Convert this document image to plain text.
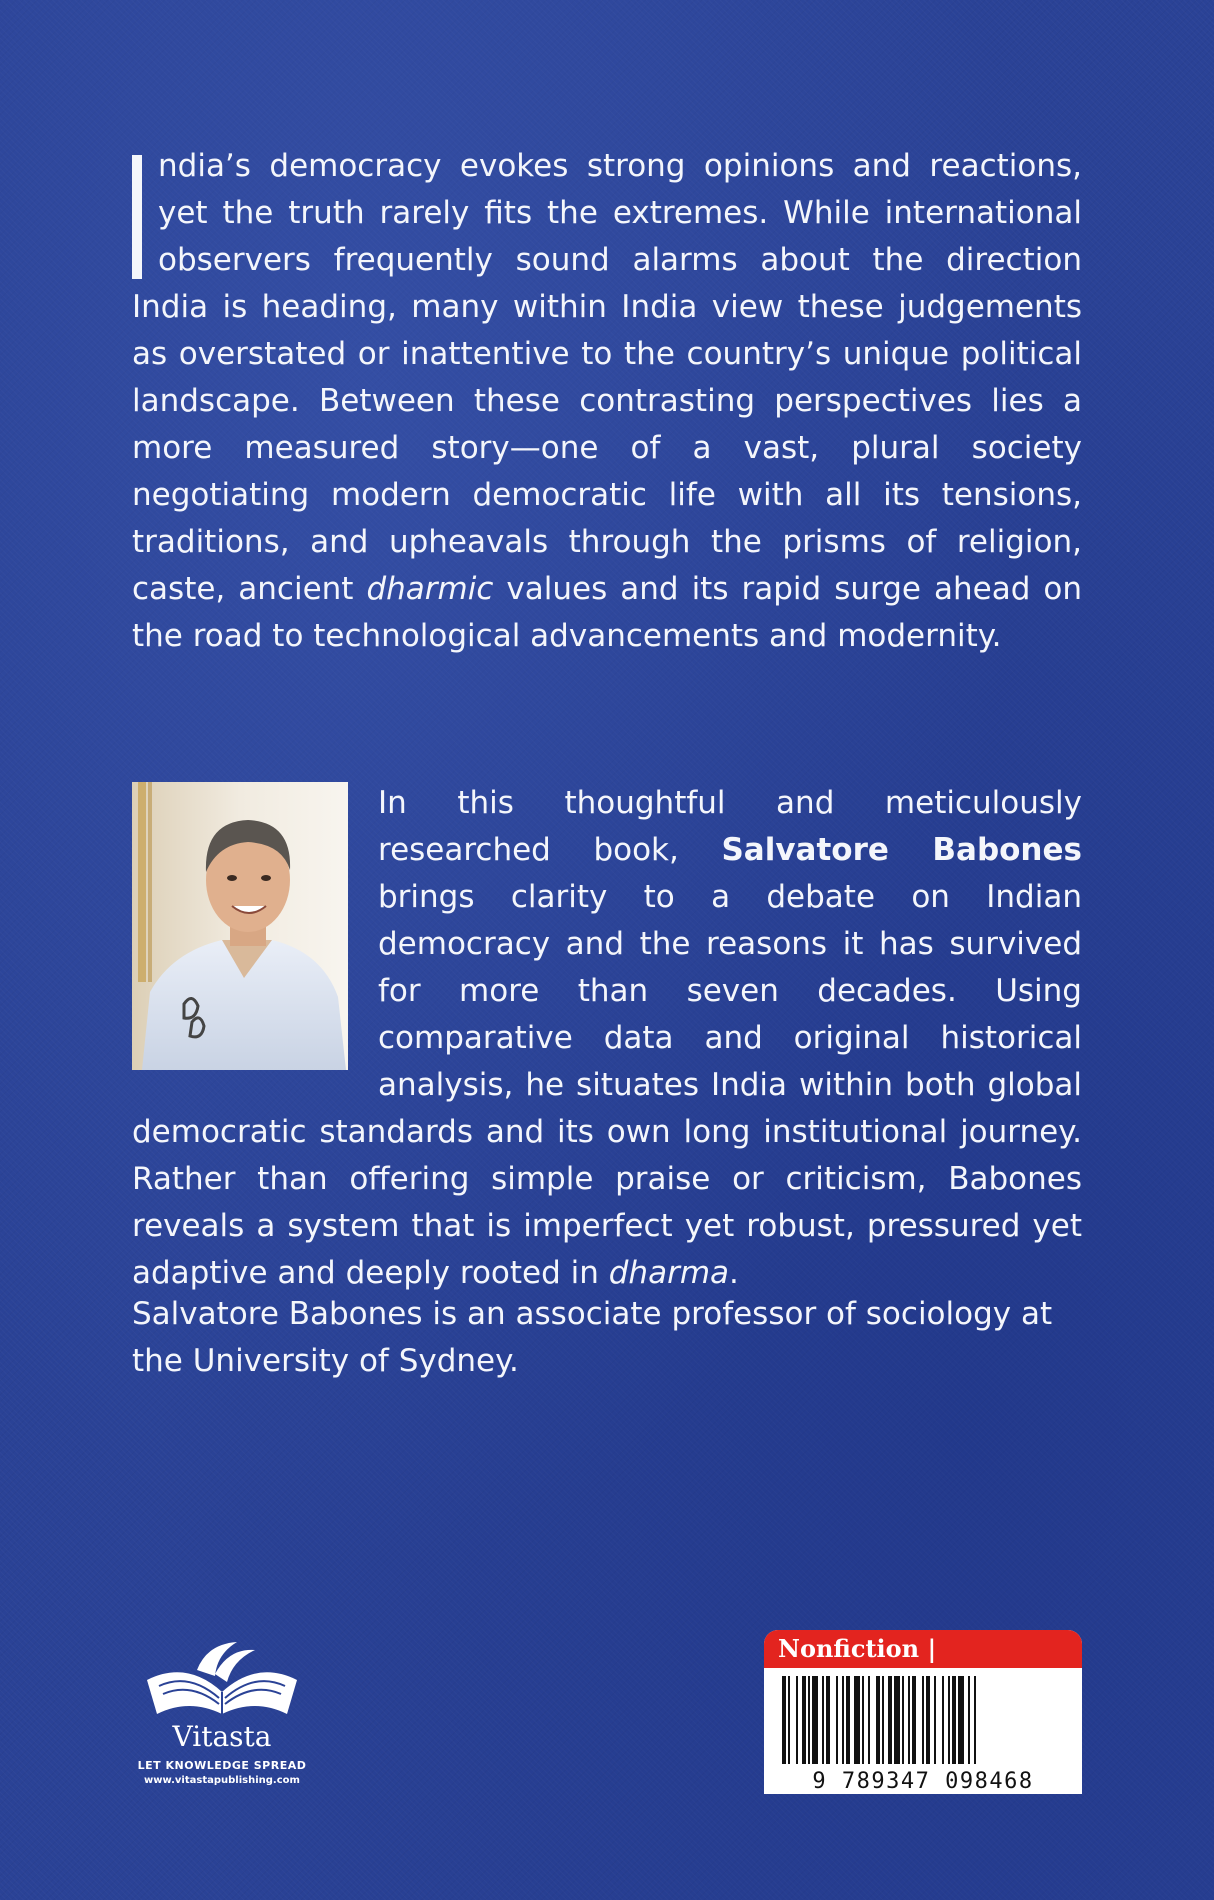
ndia’s democracy evokes strong opinions and reactions, yet the truth rarely fits the extremes. While international observers frequently sound alarms about the direction India is heading, many within India view these judgements as overstated or inattentive to the country’s unique political landscape. Between these contrasting perspectives lies a more measured story—one of a vast, plural society negotiating modern democratic life with all its tensions, traditions, and upheavals through the prisms of religion, caste, ancient dharmic values and its rapid surge ahead on the road to technological advancements and modernity.

In this thoughtful and meticulously researched book, Salvatore Babones brings clarity to a debate on Indian democracy and the reasons it has survived for more than seven decades. Using comparative data and original historical analysis, he situates India within both global democratic standards and its own long institutional journey. Rather than offering simple praise or criticism, Babones reveals a system that is imperfect yet robust, pressured yet adaptive and deeply rooted in dharma.

Salvatore Babones is an associate professor of sociology at the University of Sydney.

Vitasta
LET KNOWLEDGE SPREAD
www.vitastapublishing.com
Nonfiction |
9 789347 098468
